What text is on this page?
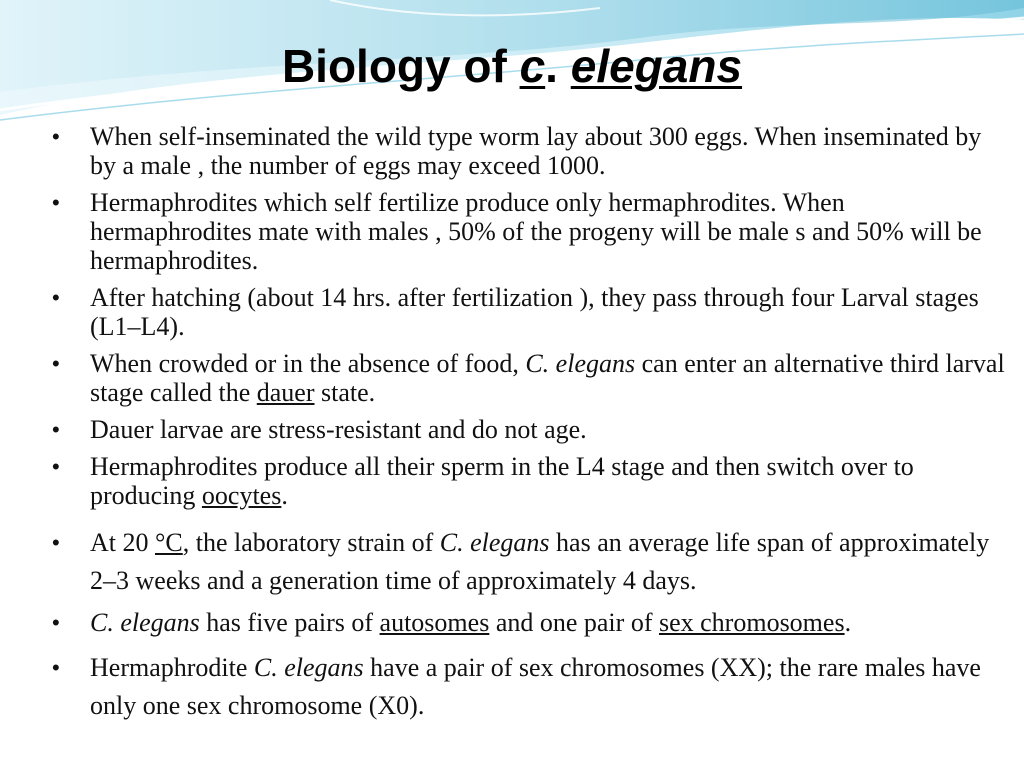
Biology of c. elegans
• When self-inseminated the wild type worm lay about 300 eggs. When inseminated by by a male , the number of eggs may exceed 1000.
• Hermaphrodites which self fertilize produce only hermaphrodites. When hermaphrodites mate with males , 50% of the progeny will be male s and 50% will be hermaphrodites.
• After hatching (about 14 hrs. after fertilization ), they pass through four Larval stages (L1–L4).
• When crowded or in the absence of food, C. elegans can enter an alternative third larval stage called the dauer state.
• Dauer larvae are stress-resistant and do not age.
• Hermaphrodites produce all their sperm in the L4 stage and then switch over to producing oocytes.
• At 20 °C, the laboratory strain of C. elegans has an average life span of approximately 2–3 weeks and a generation time of approximately 4 days.
• C. elegans has five pairs of autosomes and one pair of sex chromosomes.
• Hermaphrodite C. elegans have a pair of sex chromosomes (XX); the rare males have only one sex chromosome (X0).
